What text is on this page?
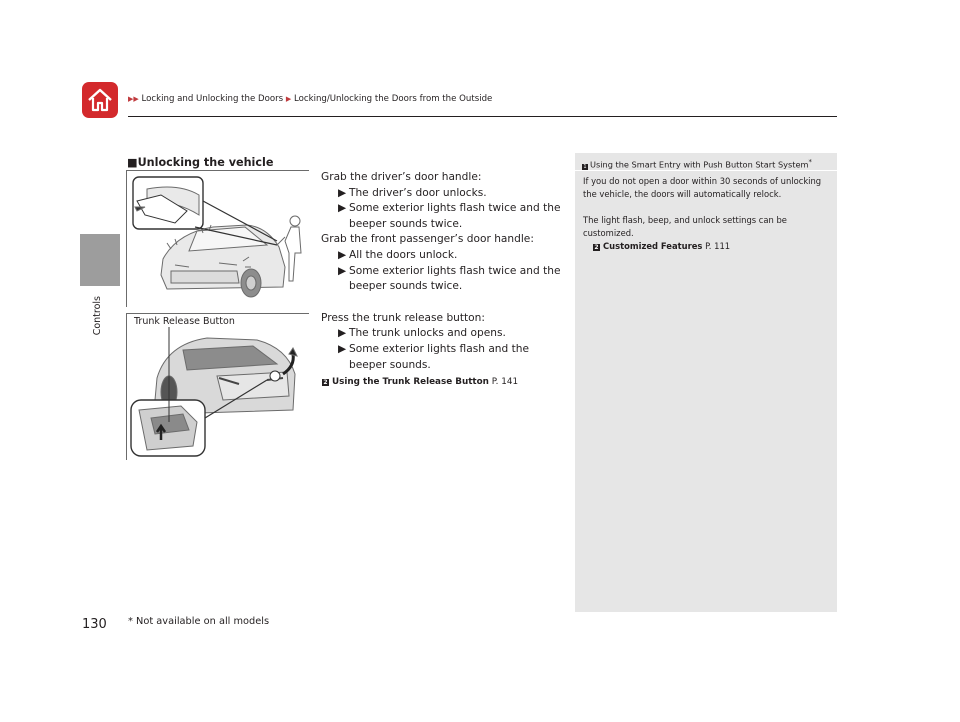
▶▶ Locking and Unlocking the Doors ▶ Locking/Unlocking the Doors from the Outside
Controls
■Unlocking the vehicle
Trunk Release Button

Grab the driver’s door handle:

▶ The driver’s door unlocks.

▶ Some exterior lights flash twice and the beeper sounds twice.

Grab the front passenger’s door handle:

▶ All the doors unlock.

▶ Some exterior lights flash twice and the beeper sounds twice.

Press the trunk release button:

▶ The trunk unlocks and opens.

▶ Some exterior lights flash and the beeper sounds.

2 Using the Trunk Release Button P. 141

1 Using the Smart Entry with Push Button Start System*

If you do not open a door within 30 seconds of unlocking the vehicle, the doors will automatically relock.

The light flash, beep, and unlock settings can be customized.

2 Customized Features P. 111

130 * Not available on all models
